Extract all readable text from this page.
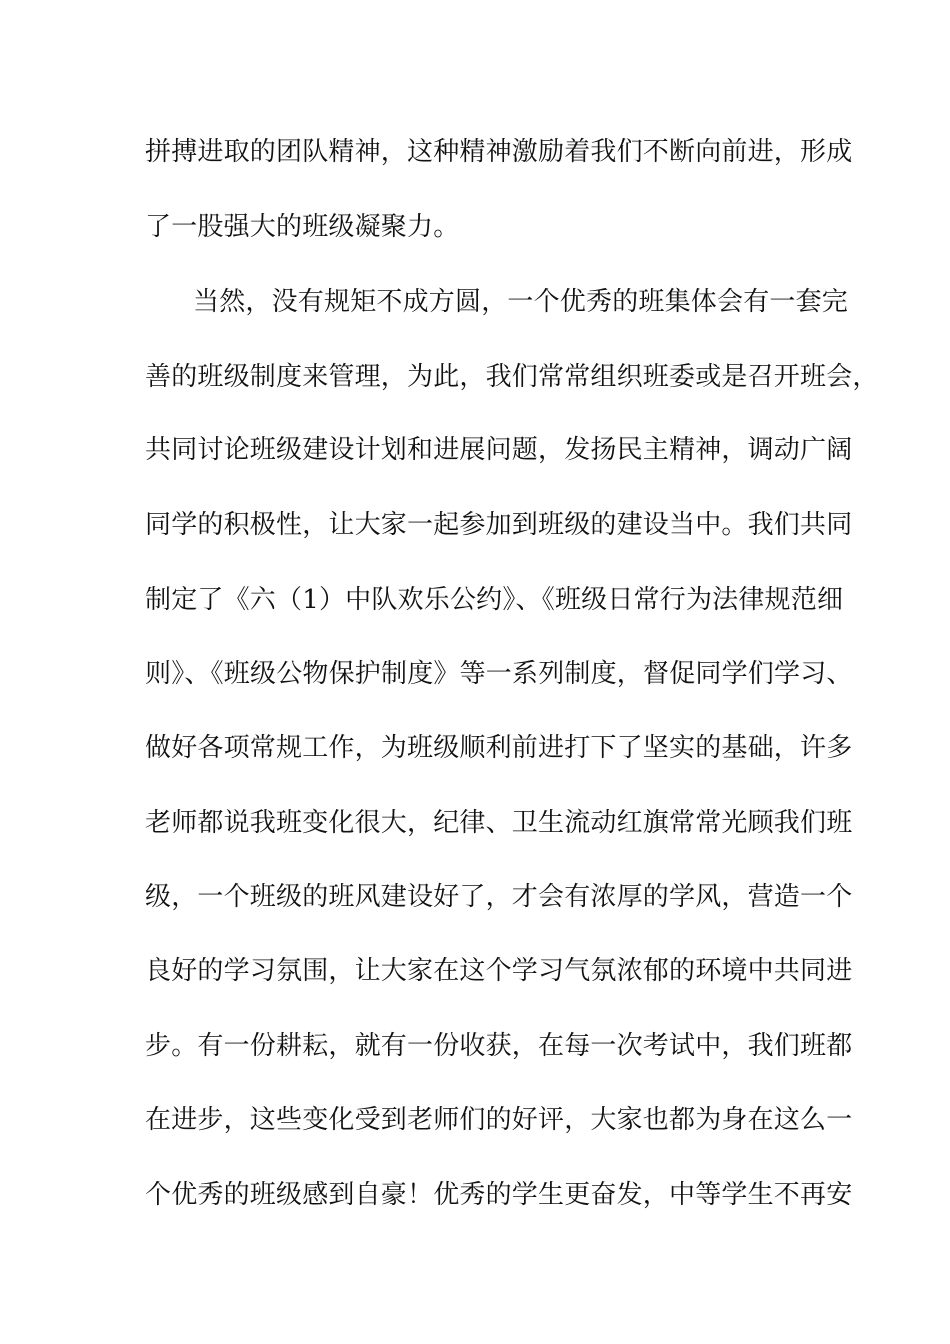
拼搏进取的团队精神，这种精神激励着我们不断向前进，形成
了一股强大的班级凝聚力。
当然，没有规矩不成方圆，一个优秀的班集体会有一套完
善的班级制度来管理，为此，我们常常组织班委或是召开班会，
共同讨论班级建设计划和进展问题，发扬民主精神，调动广阔
同学的积极性，让大家一起参加到班级的建设当中。我们共同
制定了《六（1）中队欢乐公约》、《班级日常行为法律规范细
则》、《班级公物保护制度》等一系列制度，督促同学们学习、
做好各项常规工作，为班级顺利前进打下了坚实的基础，许多
老师都说我班变化很大，纪律、卫生流动红旗常常光顾我们班
级，一个班级的班风建设好了，才会有浓厚的学风，营造一个
良好的学习氛围，让大家在这个学习气氛浓郁的环境中共同进
步。有一份耕耘，就有一份收获，在每一次考试中，我们班都
在进步，这些变化受到老师们的好评，大家也都为身在这么一
个优秀的班级感到自豪！优秀的学生更奋发，中等学生不再安
